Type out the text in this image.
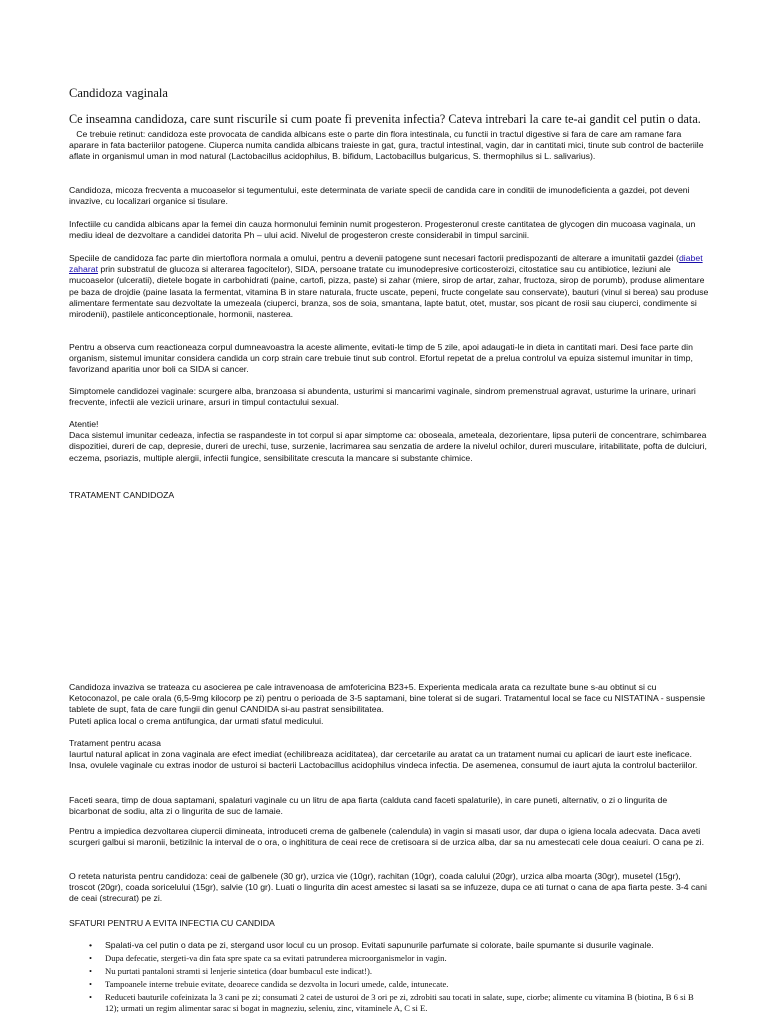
Candidoza vaginala
Ce inseamna candidoza, care sunt riscurile si cum poate fi prevenita infectia? Cateva intrebari la care te-ai gandit cel putin o data.

Ce trebuie retinut: candidoza este provocata de candida albicans este o parte din flora intestinala, cu functii in tractul digestive si fara de care am ramane fara aparare in fata bacteriilor patogene. Ciuperca numita candida albicans traieste in gat, gura, tractul intestinal, vagin, dar in cantitati mici, tinute sub control de bacteriile aflate in organismul uman in mod natural (Lactobacillus acidophilus, B. bifidum, Lactobacillus bulgaricus, S. thermophilus si L. salivarius).

Candidoza, micoza frecventa a mucoaselor si tegumentului, este determinata de variate specii de candida care in conditii de imunodeficienta a gazdei, pot deveni invazive, cu localizari organice si tisulare.

Infectiile cu candida albicans apar la femei din cauza hormonului feminin numit progesteron. Progesteronul creste cantitatea de glycogen din mucoasa vaginala, un mediu ideal de dezvoltare a candidei datorita Ph – ului acid. Nivelul de progesteron creste considerabil in timpul sarcinii.

Speciile de candidoza fac parte din miertoflora normala a omului, pentru a devenii patogene sunt necesari factorii predispozanti de alterare a imunitatii gazdei (diabet zaharat prin substratul de glucoza si alterarea fagocitelor), SIDA, persoane tratate cu imunodepresive corticosteroizi, citostatice sau cu antibiotice, leziuni ale mucoaselor (ulceratii), dietele bogate in carbohidrati (paine, cartofi, pizza, paste) si zahar (miere, sirop de artar, zahar, fructoza, sirop de porumb), produse alimentare pe baza de drojdie (paine lasata la fermentat, vitamina B in stare naturala, fructe uscate, pepeni, fructe congelate sau conservate), bauturi (vinul si berea) sau produse alimentare fermentate sau dezvoltate la umezeala (ciuperci, branza, sos de soia, smantana, lapte batut, otet, mustar, sos picant de rosii sau ciuperci, condimente si mirodenii), pastilele anticonceptionale, hormonii, nasterea.

Pentru a observa cum reactioneaza corpul dumneavoastra la aceste alimente, evitati-le timp de 5 zile, apoi adaugati-le in dieta in cantitati mari. Desi face parte din organism, sistemul imunitar considera candida un corp strain care trebuie tinut sub control. Efortul repetat de a prelua controlul va epuiza sistemul imunitar in timp, favorizand aparitia unor boli ca SIDA si cancer.

Simptomele candidozei vaginale: scurgere alba, branzoasa si abundenta, usturimi si mancarimi vaginale, sindrom premenstrual agravat, usturime la urinare, urinari frecvente, infectii ale vezicii urinare, arsuri in timpul contactului sexual.

Atentie!

Daca sistemul imunitar cedeaza, infectia se raspandeste in tot corpul si apar simptome ca: oboseala, ameteala, dezorientare, lipsa puterii de concentrare, schimbarea dispozitiei, dureri de cap, depresie, dureri de urechi, tuse, surzenie, lacrimarea sau senzatia de ardere la nivelul ochilor, dureri musculare, iritabilitate, pofta de dulciuri, eczema, psoriazis, multiple alergii, infectii fungice, sensibilitate crescuta la mancare si substante chimice.

TRATAMENT CANDIDOZA

Candidoza invaziva se trateaza cu asocierea pe cale intravenoasa de amfotericina B23+5. Experienta medicala arata ca rezultate bune s-au obtinut si cu Ketoconazol, pe cale orala (6,5-9mg kilocorp pe zi) pentru o perioada de 3-5 saptamani, bine tolerat si de sugari. Tratamentul local se face cu NISTATINA - suspensie tablete de supt, fata de care fungii din genul CANDIDA si-au pastrat sensibilitatea.

Puteti aplica local o crema antifungica, dar urmati sfatul medicului.

Tratament pentru acasa

Iaurtul natural aplicat in zona vaginala are efect imediat (echilibreaza aciditatea), dar cercetarile au aratat ca un tratament numai cu aplicari de iaurt este ineficace. Insa, ovulele vaginale cu extras inodor de usturoi si bacterii Lactobacillus acidophilus vindeca infectia. De asemenea, consumul de iaurt ajuta la controlul bacteriilor.

Faceti seara, timp de doua saptamani, spalaturi vaginale cu un litru de apa fiarta (calduta cand faceti spalaturile), in care puneti, alternativ, o zi o lingurita de bicarbonat de sodiu, alta zi o lingurita de suc de lamaie.

Pentru a impiedica dezvoltarea ciupercii dimineata, introduceti crema de galbenele (calendula) in vagin si masati usor, dar dupa o igiena locala adecvata. Daca aveti scurgeri galbui si maronii, betizilnic la interval de o ora, o inghititura de ceai rece de cretisoara si de urzica alba, dar sa nu amestecati cele doua ceaiuri. O cana pe zi.

O reteta naturista pentru candidoza: ceai de galbenele (30 gr), urzica vie (10gr), rachitan (10gr), coada calului (20gr), urzica alba moarta (30gr), musetel (15gr), troscot (20gr), coada soricelului (15gr), salvie (10 gr). Luati o lingurita din acest amestec si lasati sa se infuzeze, dupa ce ati turnat o cana de apa fiarta peste. 3-4 cani de ceai (strecurat) pe zi.

SFATURI PENTRU A EVITA INFECTIA CU CANDIDA

• Spalati-va cel putin o data pe zi, stergand usor locul cu un prosop. Evitati sapunurile parfumate si colorate, baile spumante si dusurile vaginale.
• Dupa defecatie, stergeti-va din fata spre spate ca sa evitati patrunderea microorganismelor in vagin.
• Nu purtati pantaloni stramti si lenjerie sintetica (doar bumbacul este indicat!).
• Tampoanele interne trebuie evitate, deoarece candida se dezvolta in locuri umede, calde, intunecate.
• Reduceti bauturile cofeinizata la 3 cani pe zi; consumati 2 catei de usturoi de 3 ori pe zi, zdrobiti sau tocati in salate, supe, ciorbe; alimente cu vitamina B (biotina, B 6 si B 12); urmati un regim alimentar sarac si bogat in magneziu, seleniu, zinc, vitaminele A, C si E.
